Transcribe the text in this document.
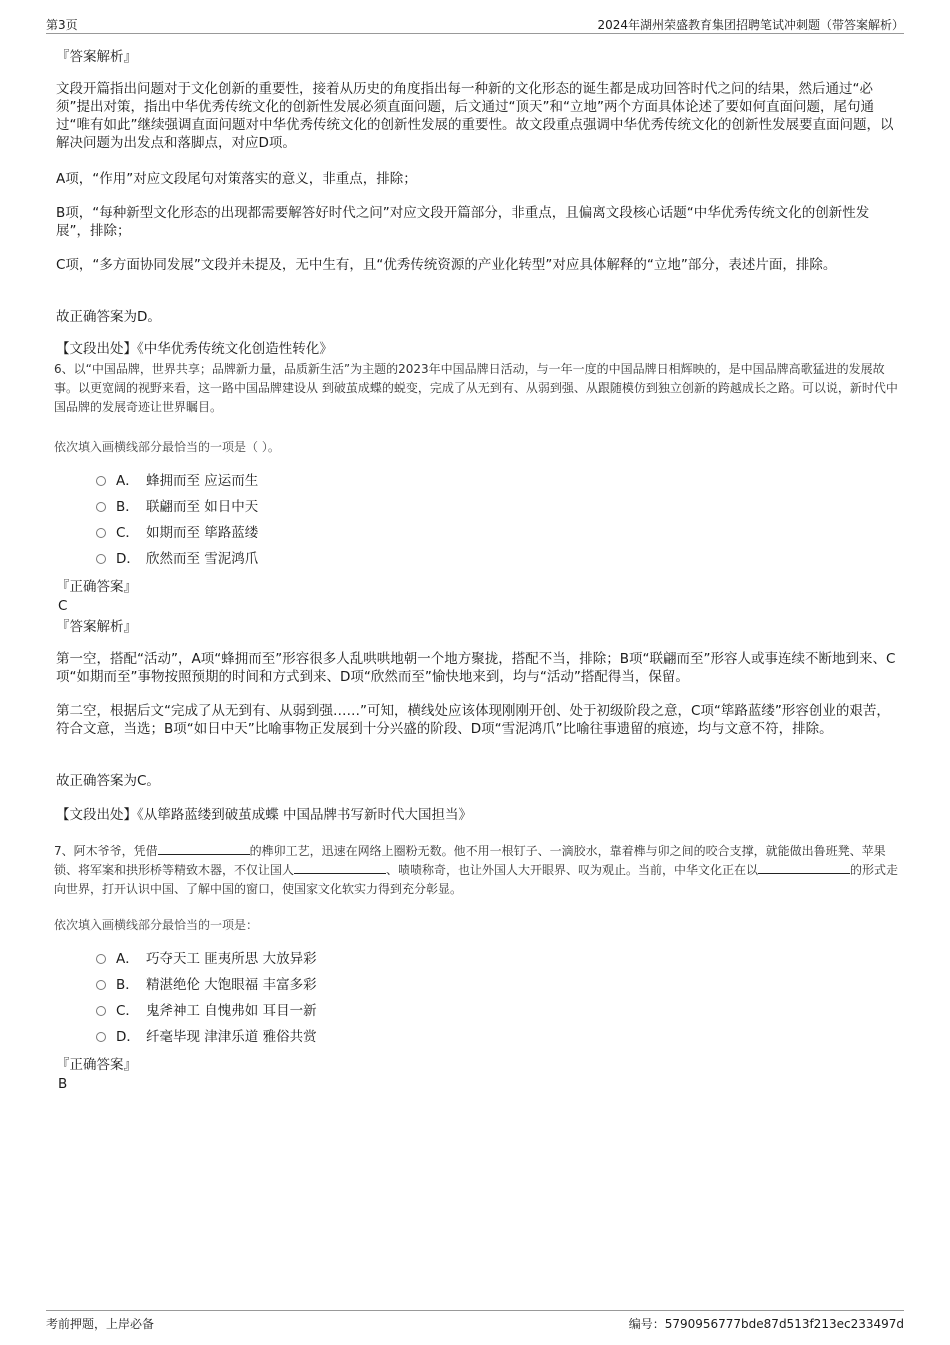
第3页	2024年湖州荣盛教育集团招聘笔试冲刺题（带答案解析）
『答案解析』
文段开篇指出问题对于文化创新的重要性，接着从历史的角度指出每一种新的文化形态的诞生都是成功回答时代之问的结果，然后通过“必须”提出对策，指出中华优秀传统文化的创新性发展必须直面问题，后文通过“顶天”和“立地”两个方面具体论述了要如何直面问题，尾句通过“唯有如此”继续强调直面问题对中华优秀传统文化的创新性发展的重要性。故文段重点强调中华优秀传统文化的创新性发展要直面问题，以解决问题为出发点和落脚点，对应D项。
A项，“作用”对应文段尾句对策落实的意义，非重点，排除；
B项，“每种新型文化形态的出现都需要解答好时代之问”对应文段开篇部分，非重点，且偏离文段核心话题“中华优秀传统文化的创新性发展”，排除；
C项，“多方面协同发展”文段并未提及，无中生有，且“优秀传统资源的产业化转型”对应具体解释的“立地”部分，表述片面，排除。
故正确答案为D。
【文段出处】《中华优秀传统文化创造性转化》
6、以“中国品牌，世界共享；品牌新力量，品质新生活”为主题的2023年中国品牌日活动，与一年一度的中国品牌日相辉映的，是中国品牌高歌猛进的发展故事。以更宽阔的视野来看，这一路中国品牌建设从 到破茧成蝶的蜕变，完成了从无到有、从弱到强、从跟随模仿到独立创新的跨越成长之路。可以说，新时代中国品牌的发展奇迹让世界瞩目。
依次填入画横线部分最恰当的一项是（ ）。
A． 蜂拥而至 应运而生
B． 联翩而至 如日中天
C． 如期而至 筚路蓝缕
D． 欣然而至 雪泥鸿爪
『正确答案』
C
『答案解析』
第一空，搭配“活动”，A项“蜂拥而至”形容很多人乱哄哄地朝一个地方聚拢，搭配不当，排除；B项“联翩而至”形容人或事连续不断地到来、C项“如期而至”事物按照预期的时间和方式到来、D项“欣然而至”愉快地来到，均与“活动”搭配得当，保留。
第二空，根据后文“完成了从无到有、从弱到强……”可知，横线处应该体现刚刚开创、处于初级阶段之意，C项“筚路蓝缕”形容创业的艰苦，符合文意，当选；B项“如日中天”比喻事物正发展到十分兴盛的阶段、D项“雪泥鸿爪”比喻往事遗留的痕迹，均与文意不符，排除。
故正确答案为C。
【文段出处】《从筚路蓝缕到破茧成蝶 中国品牌书写新时代大国担当》
7、阿木爷爷，凭借	的榫卯工艺，迅速在网络上圈粉无数。他不用一根钉子、一滴胶水，靠着榫与卯之间的咬合支撑，就能做出鲁班凳、苹果锁、将军案和拱形桥等精致木器，不仅让国人	、啧啧称奇，也让外国人大开眼界、叹为观止。当前，中华文化正在以	的形式走向世界，打开认识中国、了解中国的窗口，使国家文化软实力得到充分彰显。
依次填入画横线部分最恰当的一项是：
A． 巧夺天工 匪夷所思 大放异彩
B． 精湛绝伦 大饱眼福 丰富多彩
C． 鬼斧神工 自愧弗如 耳目一新
D． 纤毫毕现 津津乐道 雅俗共赏
『正确答案』
B
考前押题，上岸必备	编号：5790956777bde87d513f213ec233497d
